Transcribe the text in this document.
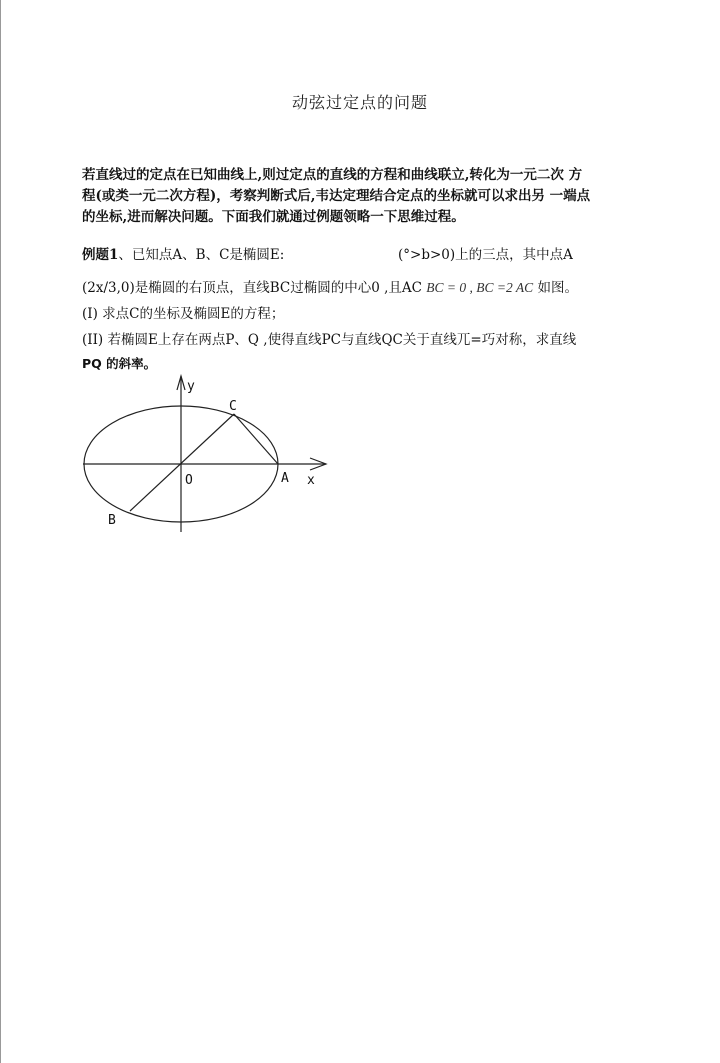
动弦过定点的问题
若直线过的定点在已知曲线上,则过定点的直线的方程和曲线联立,转化为一元二次 方
程(或类一元二次方程)，考察判断式后,韦达定理结合定点的坐标就可以求出另 一端点
的坐标,进而解决问题。下面我们就通过例题领略一下思维过程。
例题1、已知点A、B、C是椭圆E:	(°>b>0)上的三点，其中点A
(2x/3,0)是椭圆的右顶点，直线BC过椭圆的中心0 ,且AC BC = 0 , BC =2 AC 如图。
(I) 求点C的坐标及椭圆E的方程；
(II) 若椭圆E上存在两点P、Q ,使得直线PC与直线QC关于直线兀=巧对称，求直线
PQ 的斜率。
y
x
O	A
B
C
